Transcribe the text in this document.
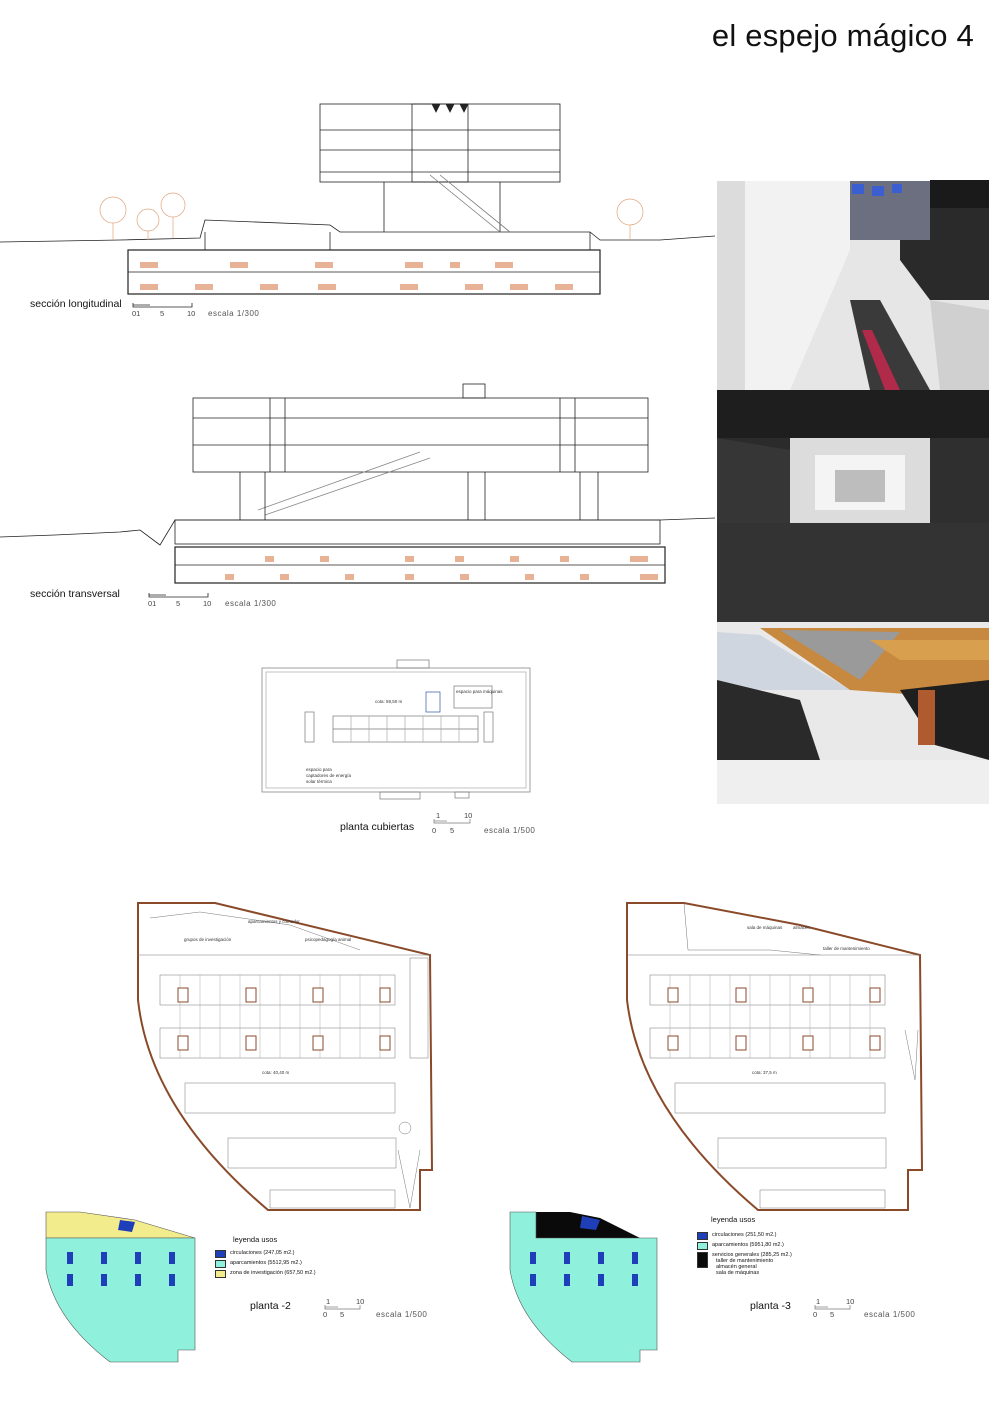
el espejo mágico 4
sección longitudinal
01	5	10 escala 1/300
sección transversal
01	5	10 escala 1/300
cota: 59,50 m
espacio para máquinas
espacio para
captadores de energía
solar térmica
planta cubiertas
1	10
0 5	escala 1/500
aparcamientos y comedor
grupos de investigación	psicopedagogía animal
cota: 40,40 m
leyenda usos
circulaciones (247,05 m2.)
aparcamientos (5512,95 m2.)
zona de investigación (657,50 m2.)
planta -2	1	10
0 5	escala 1/500
sala de máquinas almacén
taller de mantenimiento
cota: 37,5 m
leyenda usos
circulaciones (251,50 m2.)
aparcamientos (5951,80 m2.)
servicios generales (285,25 m2.)
taller de mantenimiento
almacén general
sala de máquinas
planta -3	1	10
0 5	escala 1/500
